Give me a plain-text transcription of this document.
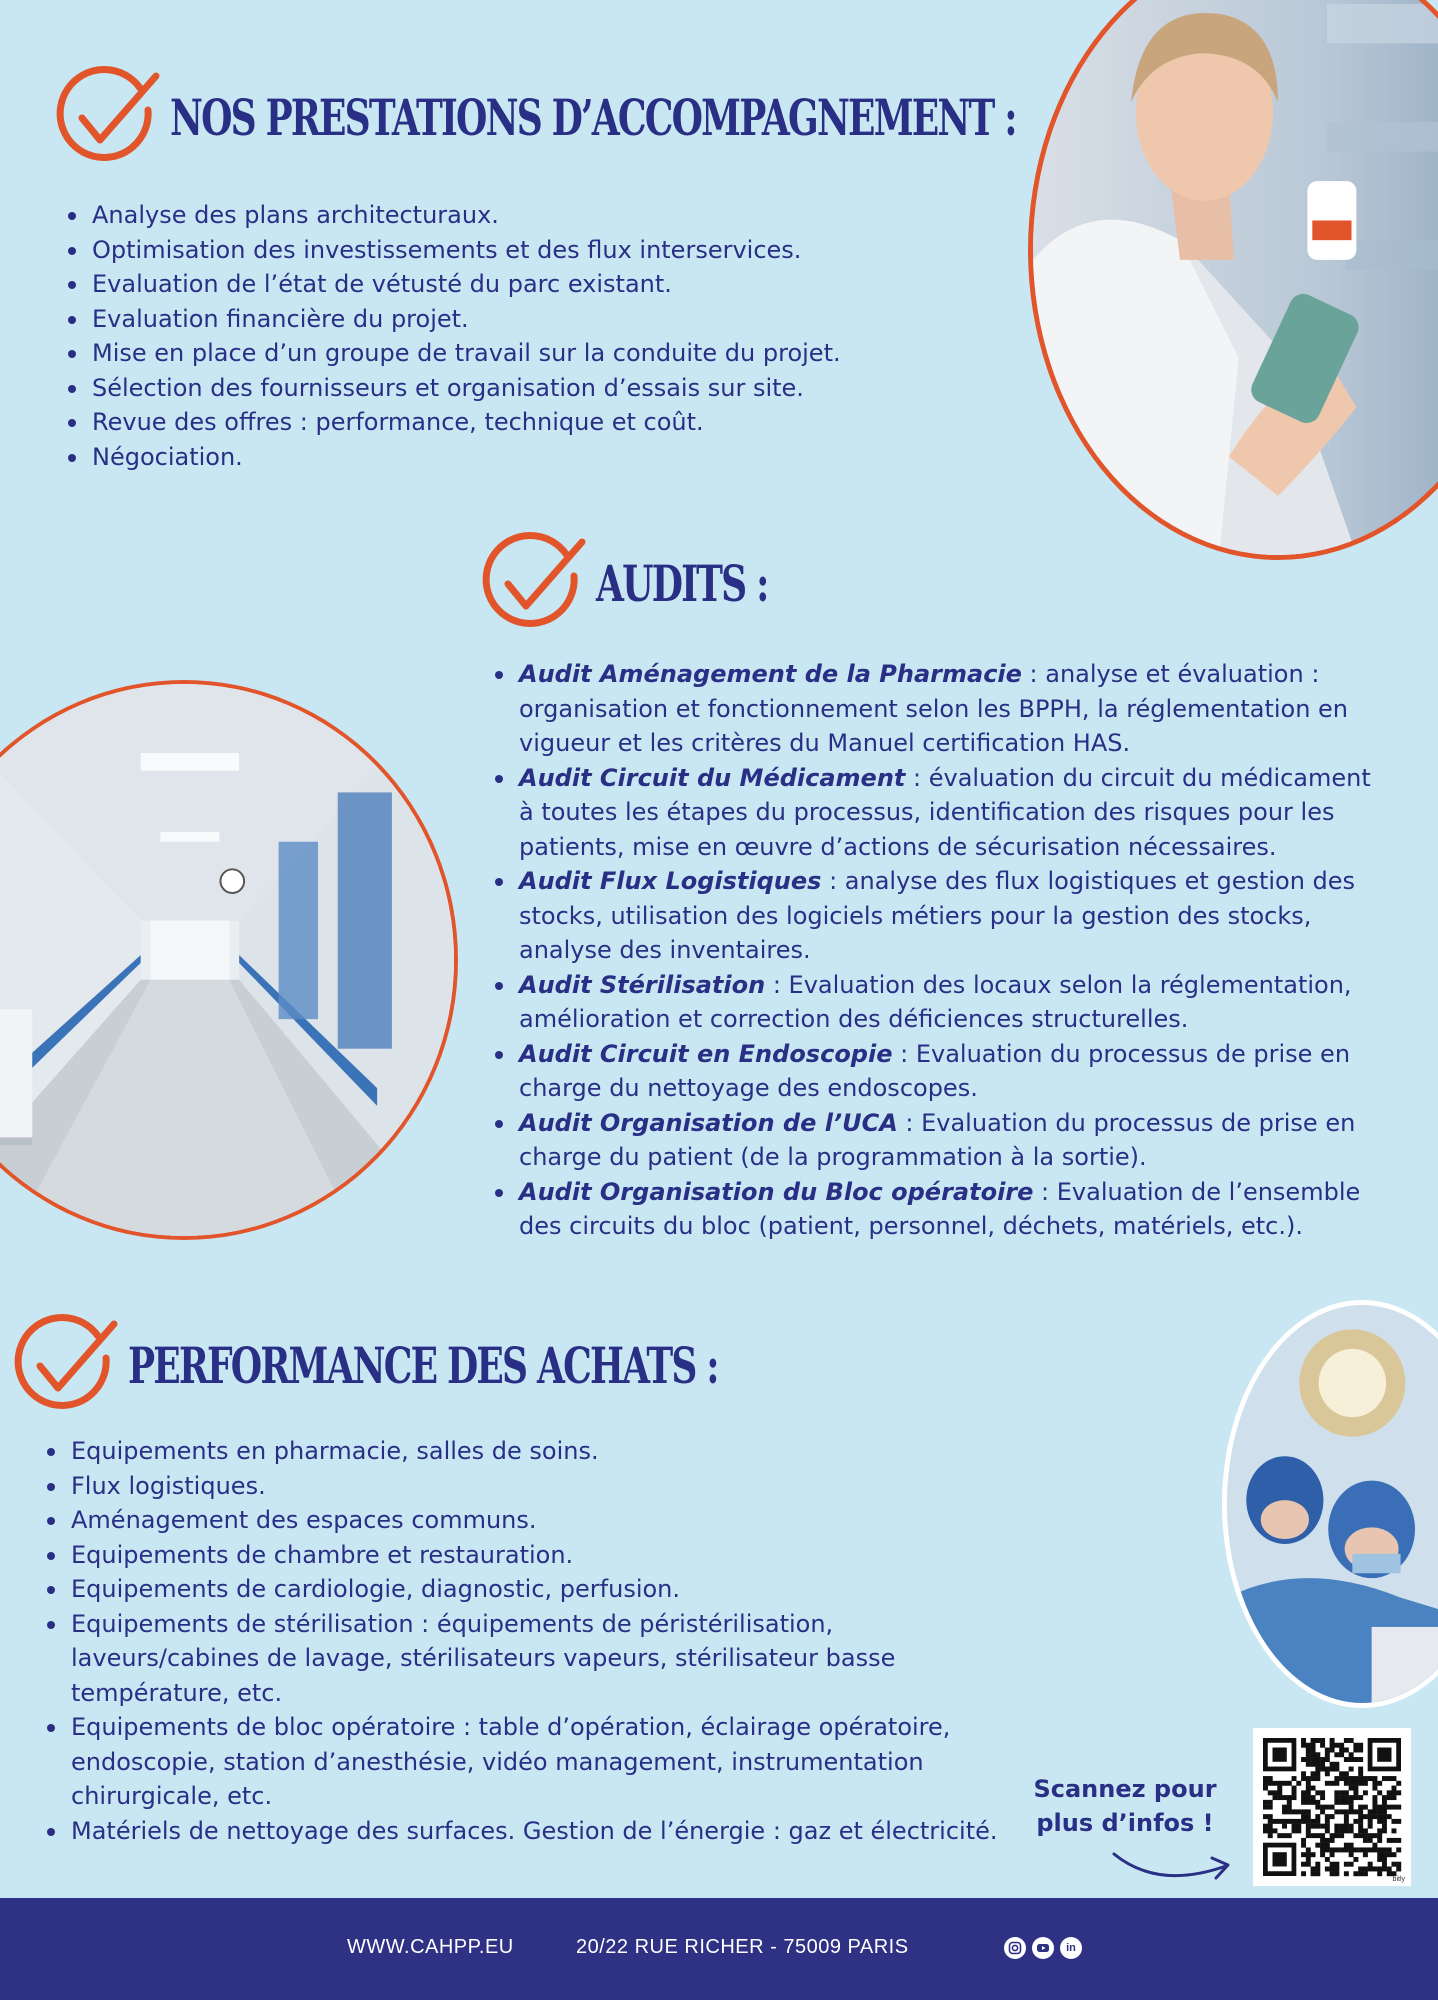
NOS PRESTATIONS D’ACCOMPAGNEMENT :
Analyse des plans architecturaux.
Optimisation des investissements et des flux interservices.
Evaluation de l’état de vétusté du parc existant.
Evaluation financière du projet.
Mise en place d’un groupe de travail sur la conduite du projet.
Sélection des fournisseurs et organisation d’essais sur site.
Revue des offres : performance, technique et coût.
Négociation.
AUDITS :
Audit Aménagement de la Pharmacie : analyse et évaluation : organisation et fonctionnement selon les BPPH, la réglementation en vigueur et les critères du Manuel certification HAS.
Audit Circuit du Médicament : évaluation du circuit du médicament à toutes les étapes du processus, identification des risques pour les patients, mise en œuvre d’actions de sécurisation nécessaires.
Audit Flux Logistiques : analyse des flux logistiques et gestion des stocks, utilisation des logiciels métiers pour la gestion des stocks, analyse des inventaires.
Audit Stérilisation : Evaluation des locaux selon la réglementation, amélioration et correction des déficiences structurelles.
Audit Circuit en Endoscopie : Evaluation du processus de prise en charge du nettoyage des endoscopes.
Audit Organisation de l’UCA : Evaluation du processus de prise en charge du patient (de la programmation à la sortie).
Audit Organisation du Bloc opératoire : Evaluation de l’ensemble des circuits du bloc (patient, personnel, déchets, matériels, etc.).
PERFORMANCE DES ACHATS :
Equipements en pharmacie, salles de soins.
Flux logistiques.
Aménagement des espaces communs.
Equipements de chambre et restauration.
Equipements de cardiologie, diagnostic, perfusion.
Equipements de stérilisation : équipements de péristérilisation, laveurs/cabines de lavage, stérilisateurs vapeurs, stérilisateur basse température, etc.
Equipements de bloc opératoire : table d’opération, éclairage opératoire, endoscopie, station d’anesthésie, vidéo management, instrumentation chirurgicale, etc.
Matériels de nettoyage des surfaces. Gestion de l’énergie : gaz et électricité.
Scannez pour plus d’infos !
bitly
WWW.CAHPP.EU	20/22 RUE RICHER - 75009 PARIS	in
